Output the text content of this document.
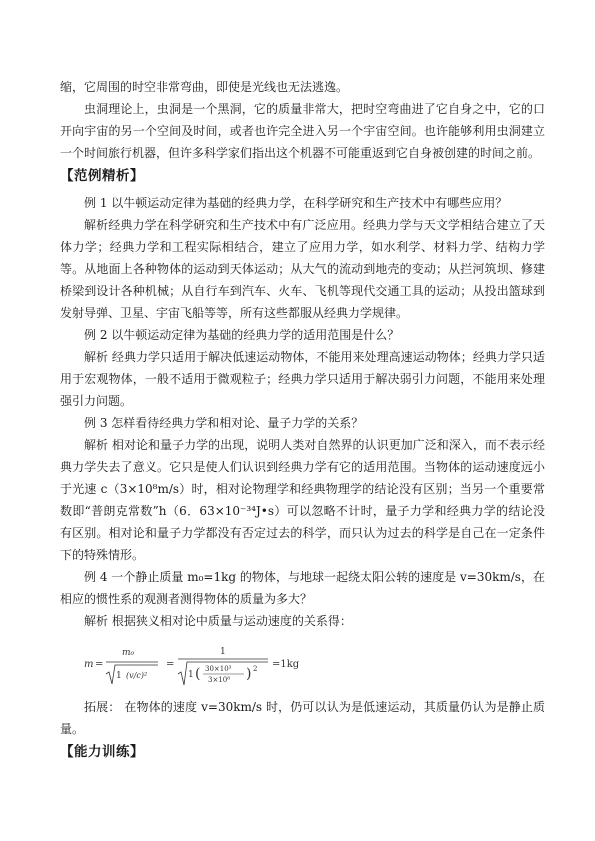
缩，它周围的时空非常弯曲，即使是光线也无法逃逸。

虫洞理论上，虫洞是一个黑洞，它的质量非常大，把时空弯曲进了它自身之中，它的口开向宇宙的另一个空间及时间，或者也许完全进入另一个宇宙空间。也许能够利用虫洞建立一个时间旅行机器，但许多科学家们指出这个机器不可能重返到它自身被创建的时间之前。

【范例精析】

例 1 以牛顿运动定律为基础的经典力学，在科学研究和生产技术中有哪些应用？

解析经典力学在科学研究和生产技术中有广泛应用。经典力学与天文学相结合建立了天体力学；经典力学和工程实际相结合，建立了应用力学，如水利学、材料力学、结构力学等。从地面上各种物体的运动到天体运动；从大气的流动到地壳的变动；从拦河筑坝、修建桥梁到设计各种机械；从自行车到汽车、火车、飞机等现代交通工具的运动；从投出篮球到发射导弹、卫星、宇宙飞船等等，所有这些都服从经典力学规律。

例 2 以牛顿运动定律为基础的经典力学的适用范围是什么？

解析 经典力学只适用于解决低速运动物体，不能用来处理高速运动物体；经典力学只适用于宏观物体，一般不适用于微观粒子；经典力学只适用于解决弱引力问题，不能用来处理强引力问题。

例 3 怎样看待经典力学和相对论、量子力学的关系？

解析 相对论和量子力学的出现，说明人类对自然界的认识更加广泛和深入，而不表示经典力学失去了意义。它只是使人们认识到经典力学有它的适用范围。当物体的运动速度远小于光速 c（3×10⁸m/s）时，相对论物理学和经典物理学的结论没有区别；当另一个重要常数即“普朗克常数”h（6．63×10⁻³⁴J•s）可以忽略不计时，量子力学和经典力学的结论没有区别。相对论和量子力学都没有否定过去的科学，而只认为过去的科学是自己在一定条件下的特殊情形。

例 4 一个静止质量 m₀=1kg 的物体，与地球一起绕太阳公转的速度是 v=30km/s，在相应的惯性系的观测者测得物体的质量为多大？

解析 根据狭义相对论中质量与运动速度的关系得：

m =
m₀
1 (v/c)²
=
1
1 ( 30×10³
3×10⁸ ) 2 =1kg

拓展： 在物体的速度 v=30km/s 时，仍可以认为是低速运动，其质量仍认为是静止质量。

【能力训练】
